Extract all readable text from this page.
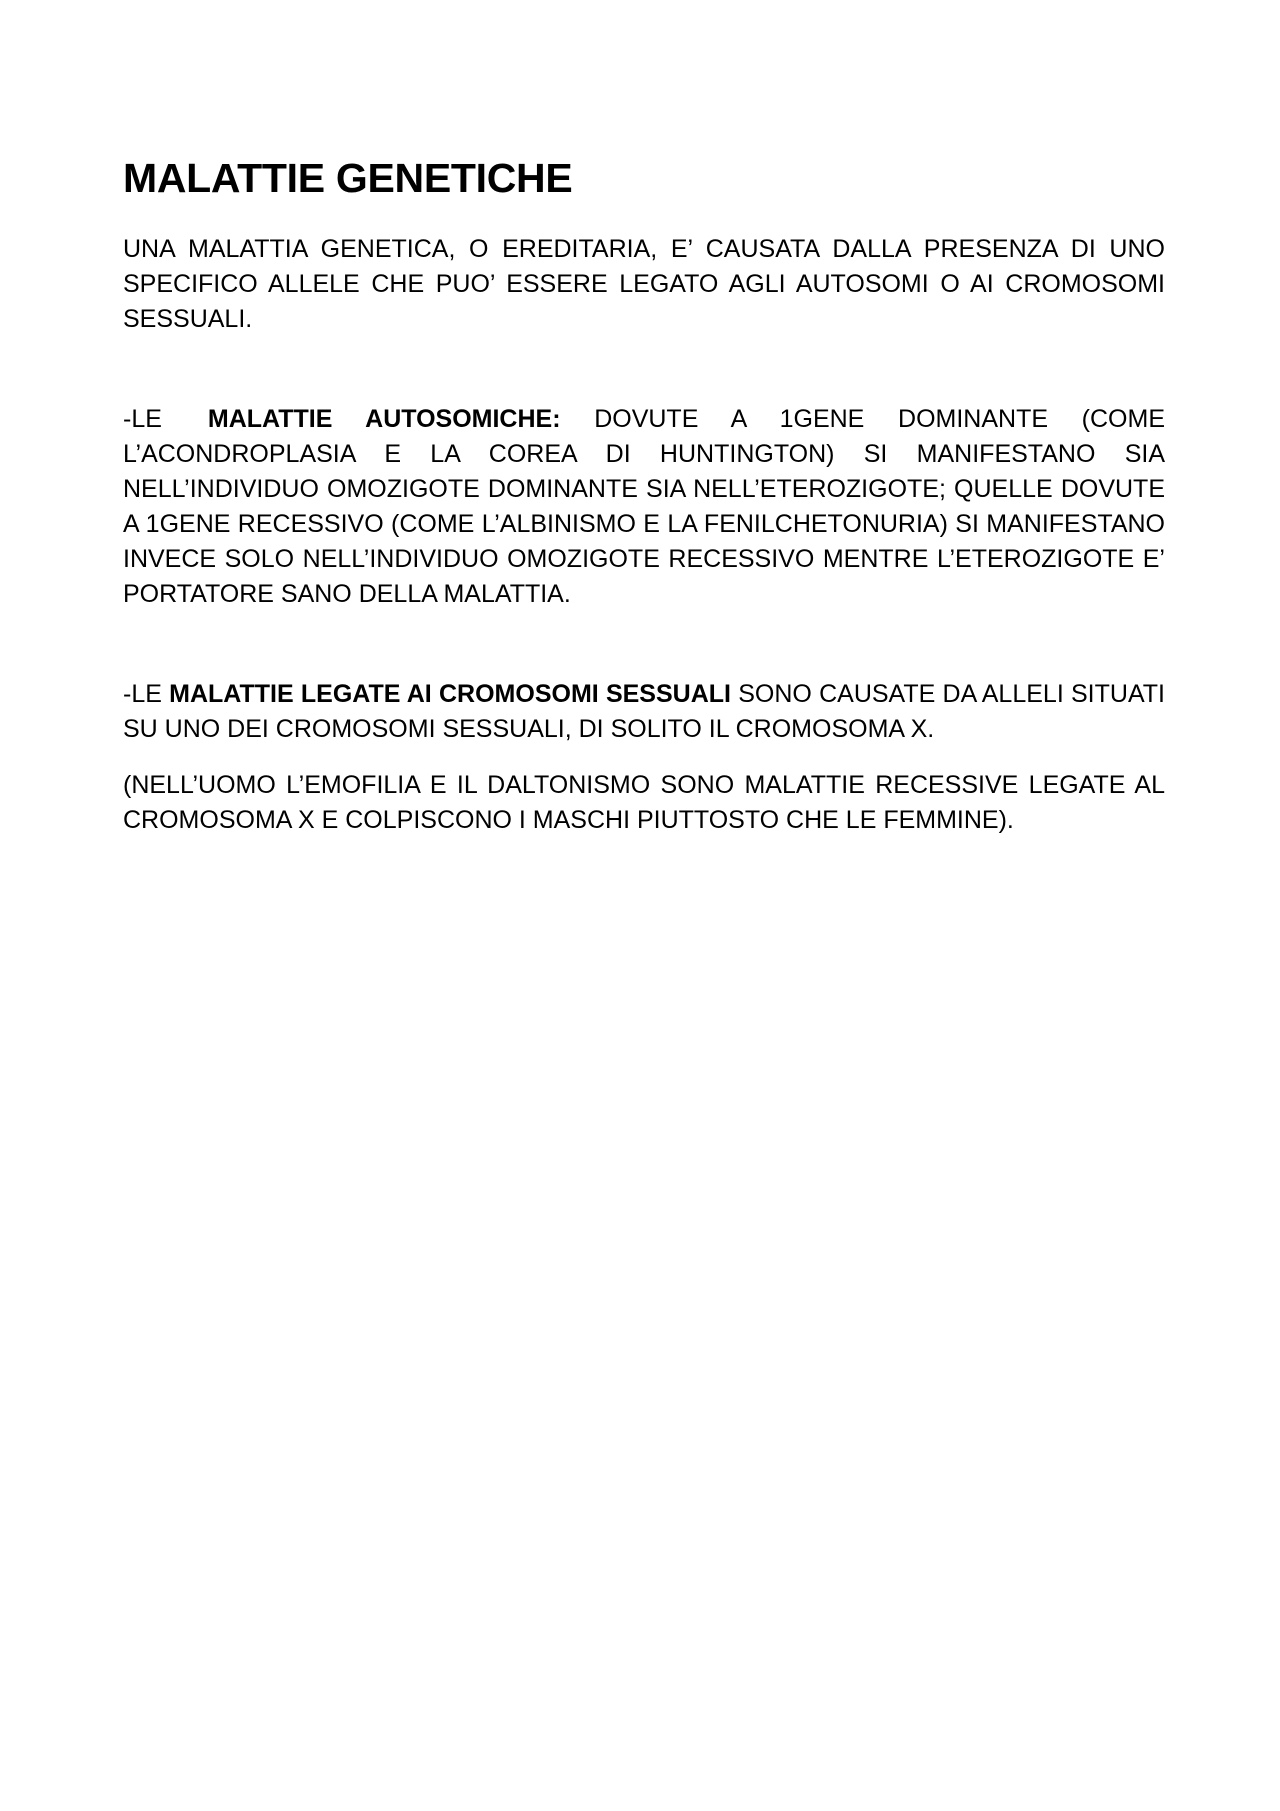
MALATTIE GENETICHE

UNA MALATTIA GENETICA, O EREDITARIA, E’ CAUSATA DALLA PRESENZA DI UNO SPECIFICO ALLELE CHE PUO’ ESSERE LEGATO AGLI AUTOSOMI O AI CROMOSOMI SESSUALI.

-LE MALATTIE AUTOSOMICHE: DOVUTE A 1GENE DOMINANTE (COME L’ACONDROPLASIA E LA COREA DI HUNTINGTON) SI MANIFESTANO SIA NELL’INDIVIDUO OMOZIGOTE DOMINANTE SIA NELL’ETEROZIGOTE; QUELLE DOVUTE A 1GENE RECESSIVO (COME L’ALBINISMO E LA FENILCHETONURIA) SI MANIFESTANO INVECE SOLO NELL’INDIVIDUO OMOZIGOTE RECESSIVO MENTRE L’ETEROZIGOTE E’ PORTATORE SANO DELLA MALATTIA.

-LE MALATTIE LEGATE AI CROMOSOMI SESSUALI SONO CAUSATE DA ALLELI SITUATI SU UNO DEI CROMOSOMI SESSUALI, DI SOLITO IL CROMOSOMA X.

(NELL’UOMO L’EMOFILIA E IL DALTONISMO SONO MALATTIE RECESSIVE LEGATE AL CROMOSOMA X E COLPISCONO I MASCHI PIUTTOSTO CHE LE FEMMINE).
